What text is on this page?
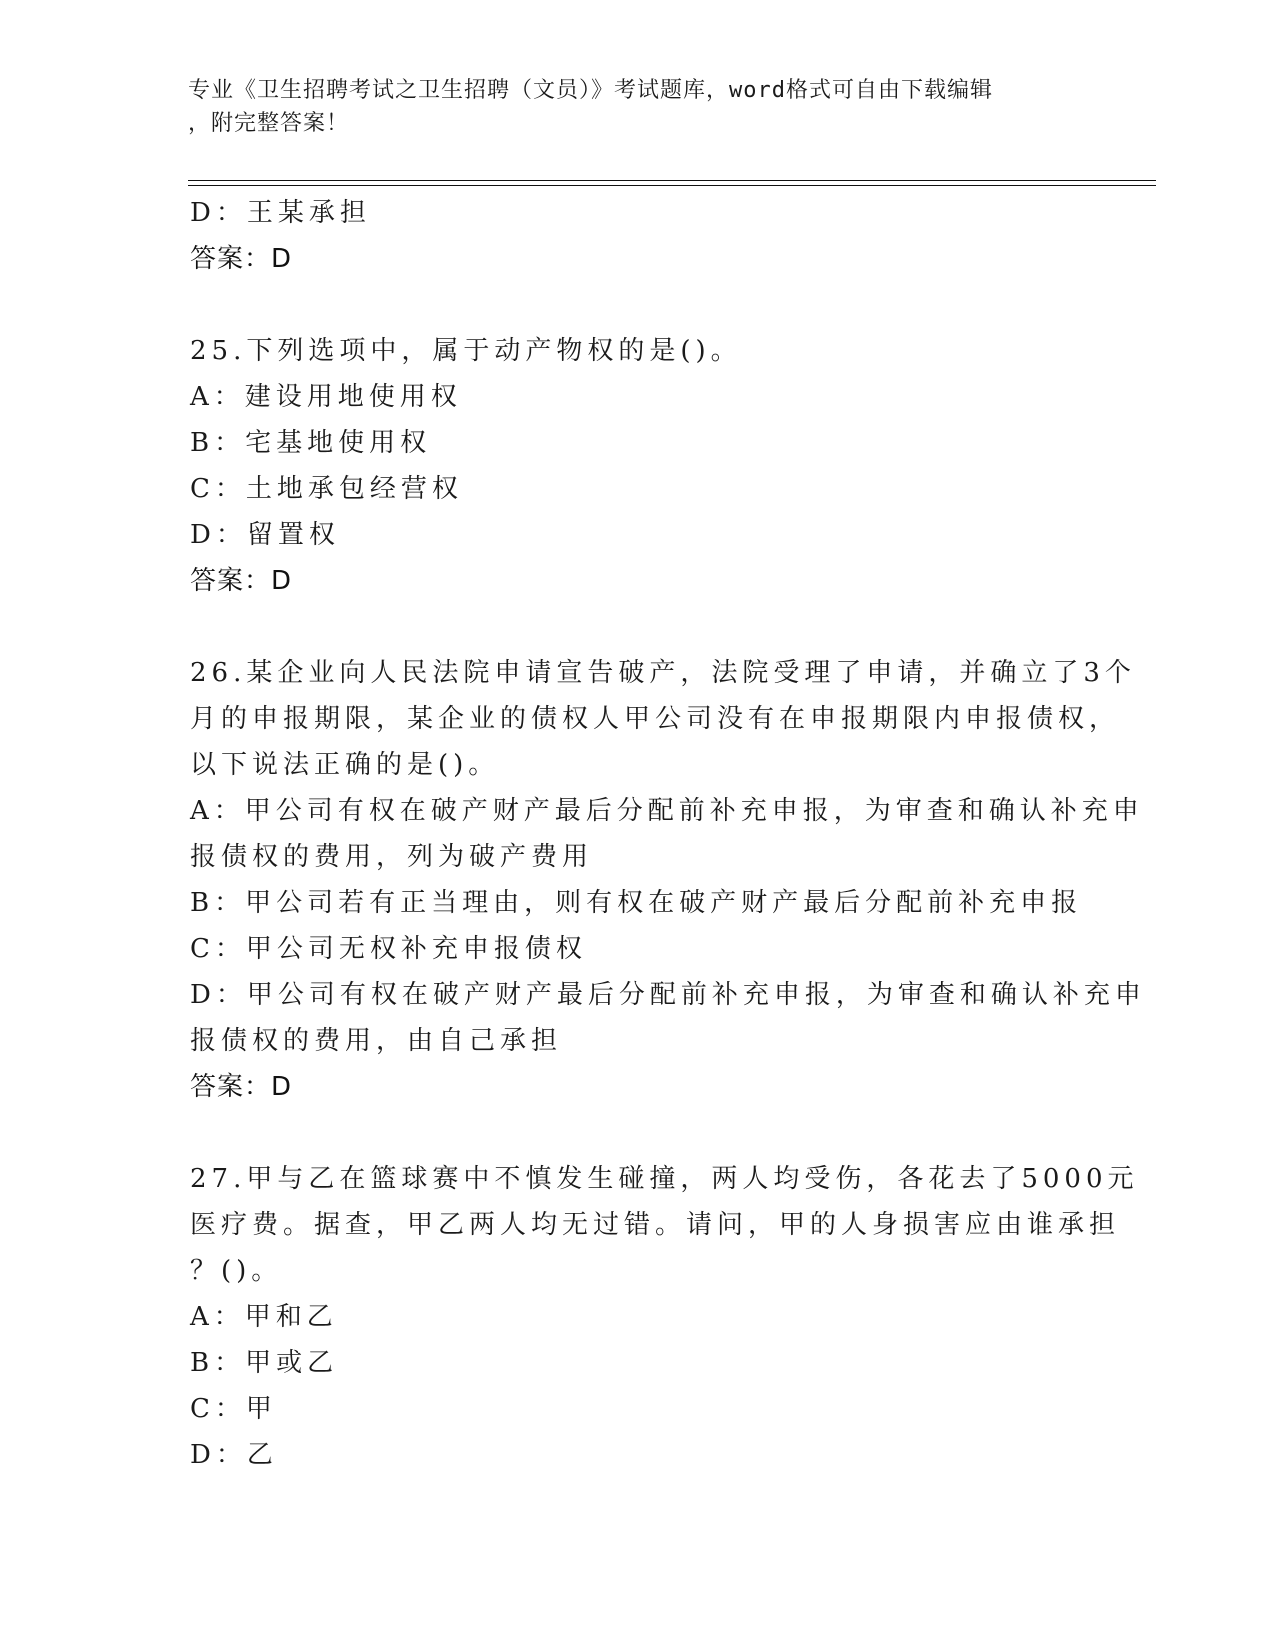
专业《卫生招聘考试之卫生招聘（文员）》考试题库，word格式可自由下载编辑
，附完整答案！
D：王某承担
答案：D
25.下列选项中，属于动产物权的是()。
A：建设用地使用权
B：宅基地使用权
C：土地承包经营权
D：留置权
答案：D
26.某企业向人民法院申请宣告破产，法院受理了申请，并确立了3个
月的申报期限，某企业的债权人甲公司没有在申报期限内申报债权，
以下说法正确的是()。
A：甲公司有权在破产财产最后分配前补充申报，为审查和确认补充申
报债权的费用，列为破产费用
B：甲公司若有正当理由，则有权在破产财产最后分配前补充申报
C：甲公司无权补充申报债权
D：甲公司有权在破产财产最后分配前补充申报，为审查和确认补充申
报债权的费用，由自己承担
答案：D
27.甲与乙在篮球赛中不慎发生碰撞，两人均受伤，各花去了5000元
医疗费。据查，甲乙两人均无过错。请问，甲的人身损害应由谁承担
？()。
A：甲和乙
B：甲或乙
C：甲
D：乙
